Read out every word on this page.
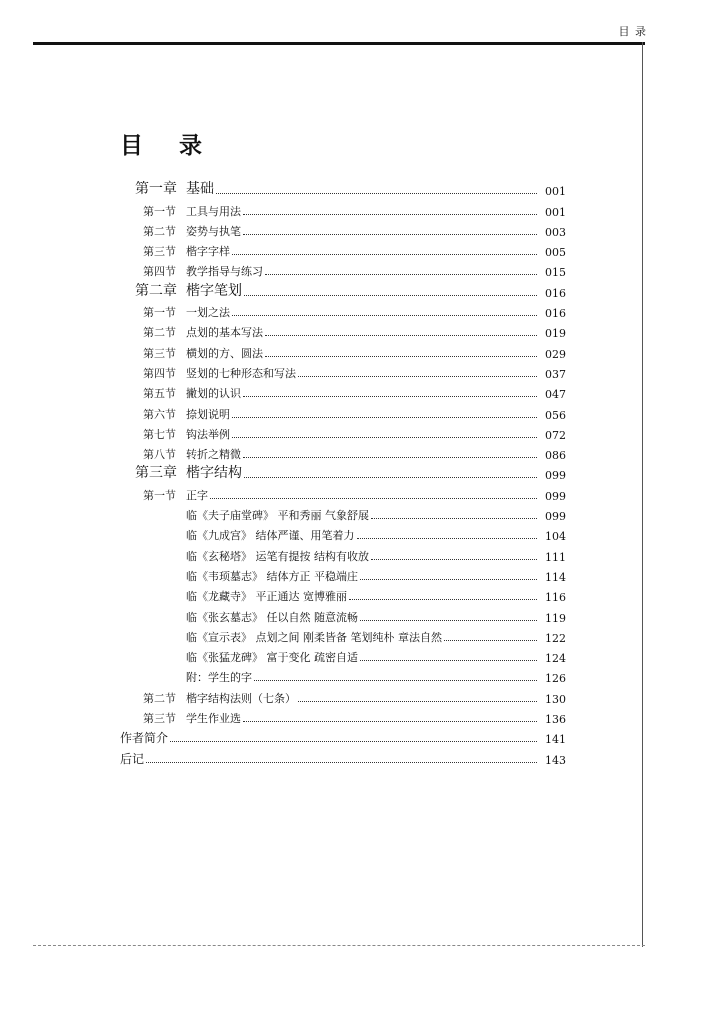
目 录
目 录
第一章 基础	001
第一节 工具与用法	001
第二节 姿势与执笔	003
第三节 楷字字样	005
第四节 教学指导与练习	015
第二章 楷字笔划	016
第一节 一划之法	016
第二节 点划的基本写法	019
第三节 横划的方、圆法	029
第四节 竖划的七种形态和写法	037
第五节 撇划的认识	047
第六节 捺划说明	056
第七节 钩法举例	072
第八节 转折之精微	086
第三章 楷字结构	099
第一节 正字	099
临《夫子庙堂碑》 平和秀丽 气象舒展	099
临《九成宫》 结体严谨、用笔着力	104
临《玄秘塔》 运笔有提按 结构有收放	111
临《韦顼墓志》 结体方正 平稳端庄	114
临《龙藏寺》 平正通达 宽博雅丽	116
临《张玄墓志》 任以自然 随意流畅	119
临《宣示表》 点划之间 刚柔皆备 笔划纯朴 章法自然	122
临《张猛龙碑》 富于变化 疏密自适	124
附：学生的字	126
第二节 楷字结构法则（七条）	130
第三节 学生作业选	136
作者简介	141
后记	143
